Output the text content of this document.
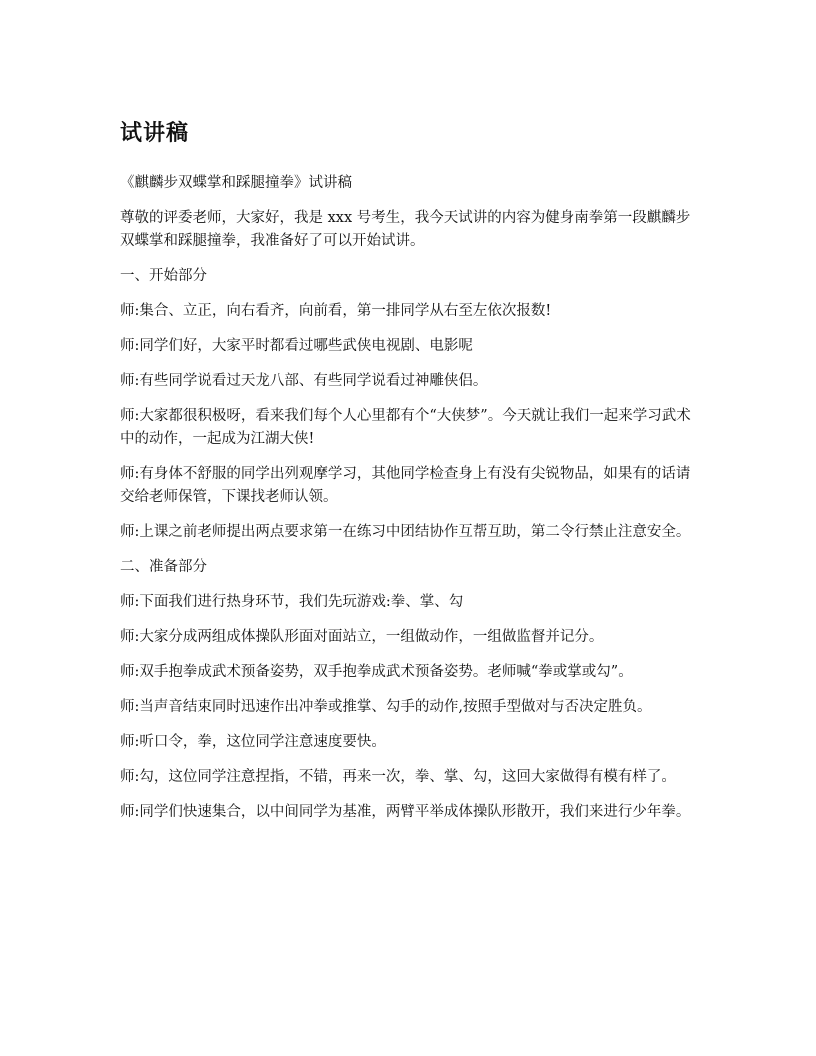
试讲稿

《麒麟步双蝶掌和踩腿撞拳》试讲稿

尊敬的评委老师，大家好，我是 xxx 号考生，我今天试讲的内容为健身南拳第一段麒麟步双蝶掌和踩腿撞拳，我准备好了可以开始试讲。

一、开始部分

师:集合、立正，向右看齐，向前看，第一排同学从右至左依次报数!

师:同学们好，大家平时都看过哪些武侠电视剧、电影呢

师:有些同学说看过天龙八部、有些同学说看过神雕侠侣。

师:大家都很积极呀，看来我们每个人心里都有个“大侠梦”。今天就让我们一起来学习武术中的动作，一起成为江湖大侠!

师:有身体不舒服的同学出列观摩学习，其他同学检查身上有没有尖锐物品，如果有的话请交给老师保管，下课找老师认领。

师:上课之前老师提出两点要求第一在练习中团结协作互帮互助，第二令行禁止注意安全。

二、准备部分

师:下面我们进行热身环节，我们先玩游戏:拳、掌、勾

师:大家分成两组成体操队形面对面站立，一组做动作，一组做监督并记分。

师:双手抱拳成武术预备姿势，双手抱拳成武术预备姿势。老师喊“拳或掌或勾”。

师:当声音结束同时迅速作出冲拳或推掌、勾手的动作,按照手型做对与否决定胜负。

师:听口令，拳，这位同学注意速度要快。

师:勾，这位同学注意捏指，不错，再来一次，拳、掌、勾，这回大家做得有模有样了。

师:同学们快速集合，以中间同学为基准，两臂平举成体操队形散开，我们来进行少年拳。
